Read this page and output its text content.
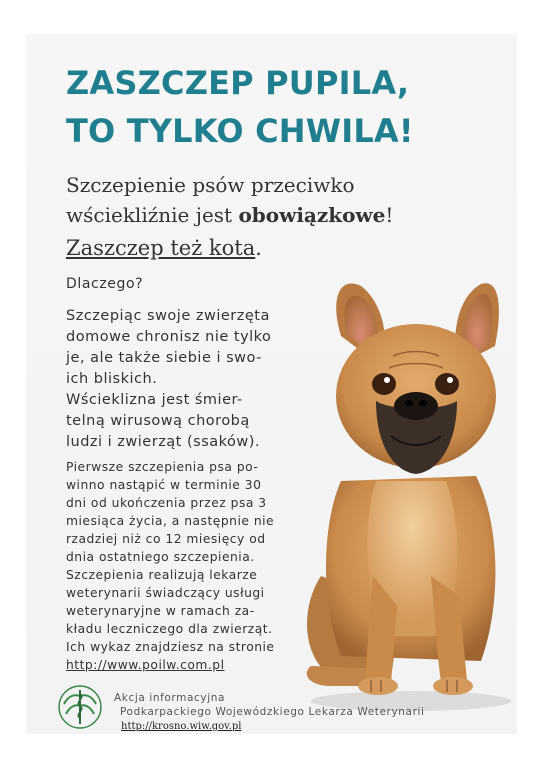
ZASZCZEP PUPILA,
TO TYLKO CHWILA!
Szczepienie psów przeciwko
wściekliźnie jest obowiązkowe!
Zaszczep też kota.
Dlaczego?
Szczepiąc swoje zwierzęta
domowe chronisz nie tylko
je, ale także siebie i swo-
ich bliskich.
Wścieklizna jest śmier-
telną wirusową chorobą
ludzi i zwierząt (ssaków).
Pierwsze szczepienia psa po-
winno nastąpić w terminie 30
dni od ukończenia przez psa 3
miesiąca życia, a następnie nie
rzadziej niż co 12 miesięcy od
dnia ostatniego szczepienia.
Szczepienia realizują lekarze
weterynarii świadczący usługi
weterynaryjne w ramach za-
kładu leczniczego dla zwierząt.
Ich wykaz znajdziesz na stronie
http://www.poilw.com.pl
Akcja informacyjna
Podkarpackiego Wojewódzkiego Lekarza Weterynarii
http://krosno.wiw.gov.pl
